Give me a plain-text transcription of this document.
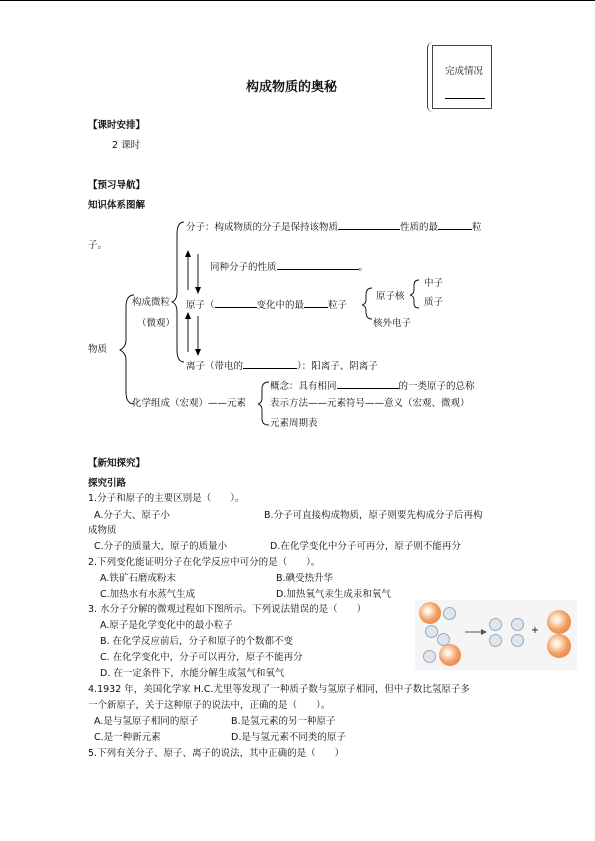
完成情况
构成物质的奥秘
【课时安排】
2 课时
【预习导航】
知识体系图解
分子：构成物质的分子是保持该物质	性质的最	粒
子。
同种分子的性质	。
构成微粒
（微观）
物质
原子（	变化中的最	粒子
原子核
中子
质子
核外电子
离子（带电的	）：阳离子、阴离子
化学组成（宏观）——元素
概念：具有相同	的一类原子的总称
表示方法——元素符号——意义（宏观、微观）
元素周期表
【新知探究】
探究引路
1.分子和原子的主要区别是（　　）。
A.分子大、原子小	B.分子可直接构成物质，原子则要先构成分子后再构
成物质
C.分子的质量大，原子的质量小	D.在化学变化中分子可再分，原子则不能再分
2.下列变化能证明分子在化学反应中可分的是（　　）。
A.铁矿石磨成粉末	B.碘受热升华
C.加热水有水蒸气生成	D.加热氧气汞生成汞和氧气
3. 水分子分解的微观过程如下图所示。下列说法错误的是（　　）
A.原子是化学变化中的最小粒子
B. 在化学反应前后，分子和原子的个数都不变
C. 在化学变化中，分子可以再分，原子不能再分
D. 在一定条件下，水能分解生成氢气和氧气
+
4.1932 年，美国化学家 H.C.尤里等发现了一种质子数与氢原子相同，但中子数比氢原子多
一个新原子，关于这种原子的说法中，正确的是（　　）。
A.是与氢原子相同的原子	B.是氢元素的另一种原子
C.是一种新元素	D.是与氢元素不同类的原子
5.下列有关分子、原子、离子的说法，其中正确的是（　　）
